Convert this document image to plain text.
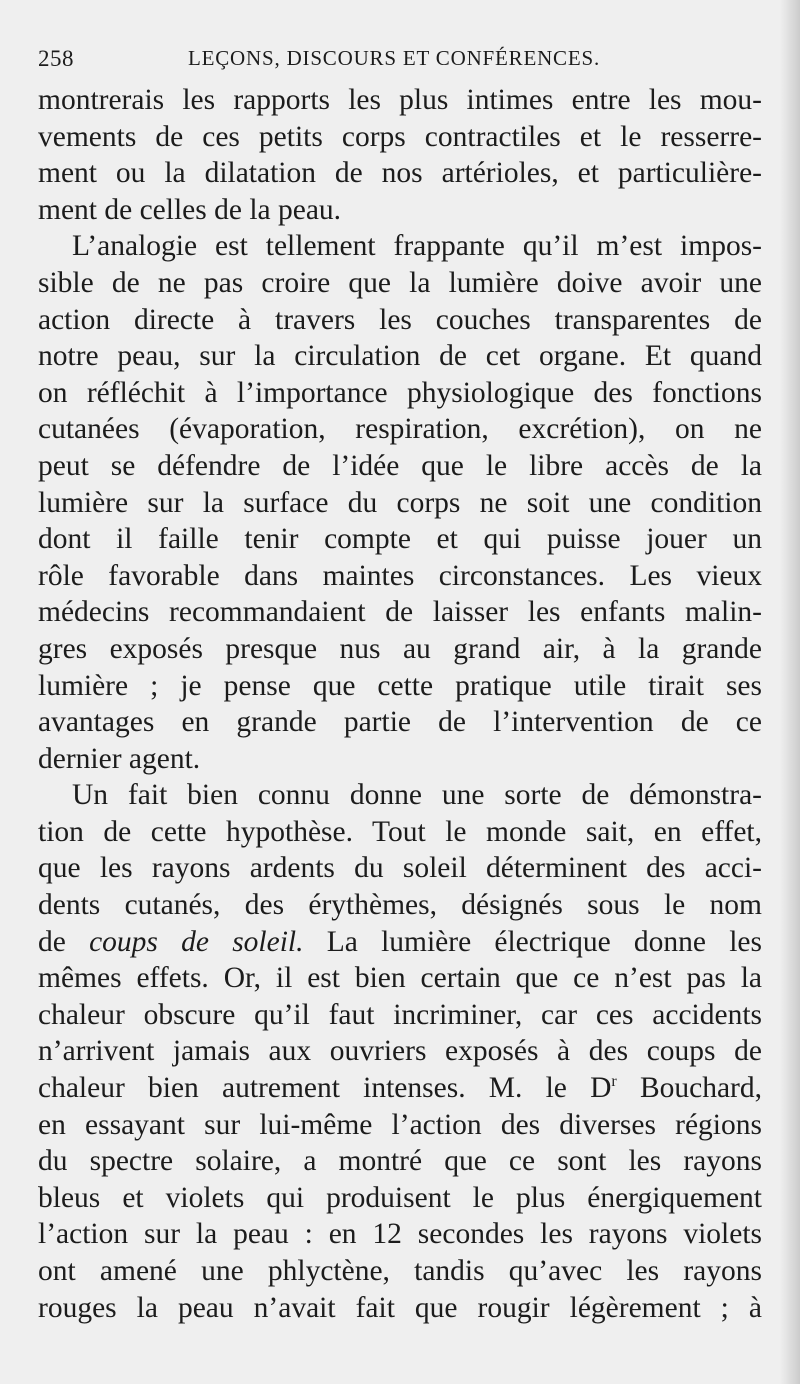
258	LEÇONS, DISCOURS ET CONFÉRENCES.
montrerais les rapports les plus intimes entre les mou-
vements de ces petits corps contractiles et le resserre-
ment ou la dilatation de nos artérioles, et particulière-
ment de celles de la peau.
L’analogie est tellement frappante qu’il m’est impos-
sible de ne pas croire que la lumière doive avoir une
action directe à travers les couches transparentes de
notre peau, sur la circulation de cet organe. Et quand
on réfléchit à l’importance physiologique des fonctions
cutanées (évaporation, respiration, excrétion), on ne
peut se défendre de l’idée que le libre accès de la
lumière sur la surface du corps ne soit une condition
dont il faille tenir compte et qui puisse jouer un
rôle favorable dans maintes circonstances. Les vieux
médecins recommandaient de laisser les enfants malin-
gres exposés presque nus au grand air, à la grande
lumière ; je pense que cette pratique utile tirait ses
avantages en grande partie de l’intervention de ce
dernier agent.
Un fait bien connu donne une sorte de démonstra-
tion de cette hypothèse. Tout le monde sait, en effet,
que les rayons ardents du soleil déterminent des acci-
dents cutanés, des érythèmes, désignés sous le nom
de coups de soleil. La lumière électrique donne les
mêmes effets. Or, il est bien certain que ce n’est pas la
chaleur obscure qu’il faut incriminer, car ces accidents
n’arrivent jamais aux ouvriers exposés à des coups de
chaleur bien autrement intenses. M. le $D^r$ Bouchard,
en essayant sur lui-même l’action des diverses régions
du spectre solaire, a montré que ce sont les rayons
bleus et violets qui produisent le plus énergiquement
l’action sur la peau : en 12 secondes les rayons violets
ont amené une phlyctène, tandis qu’avec les rayons
rouges la peau n’avait fait que rougir légèrement ; à
